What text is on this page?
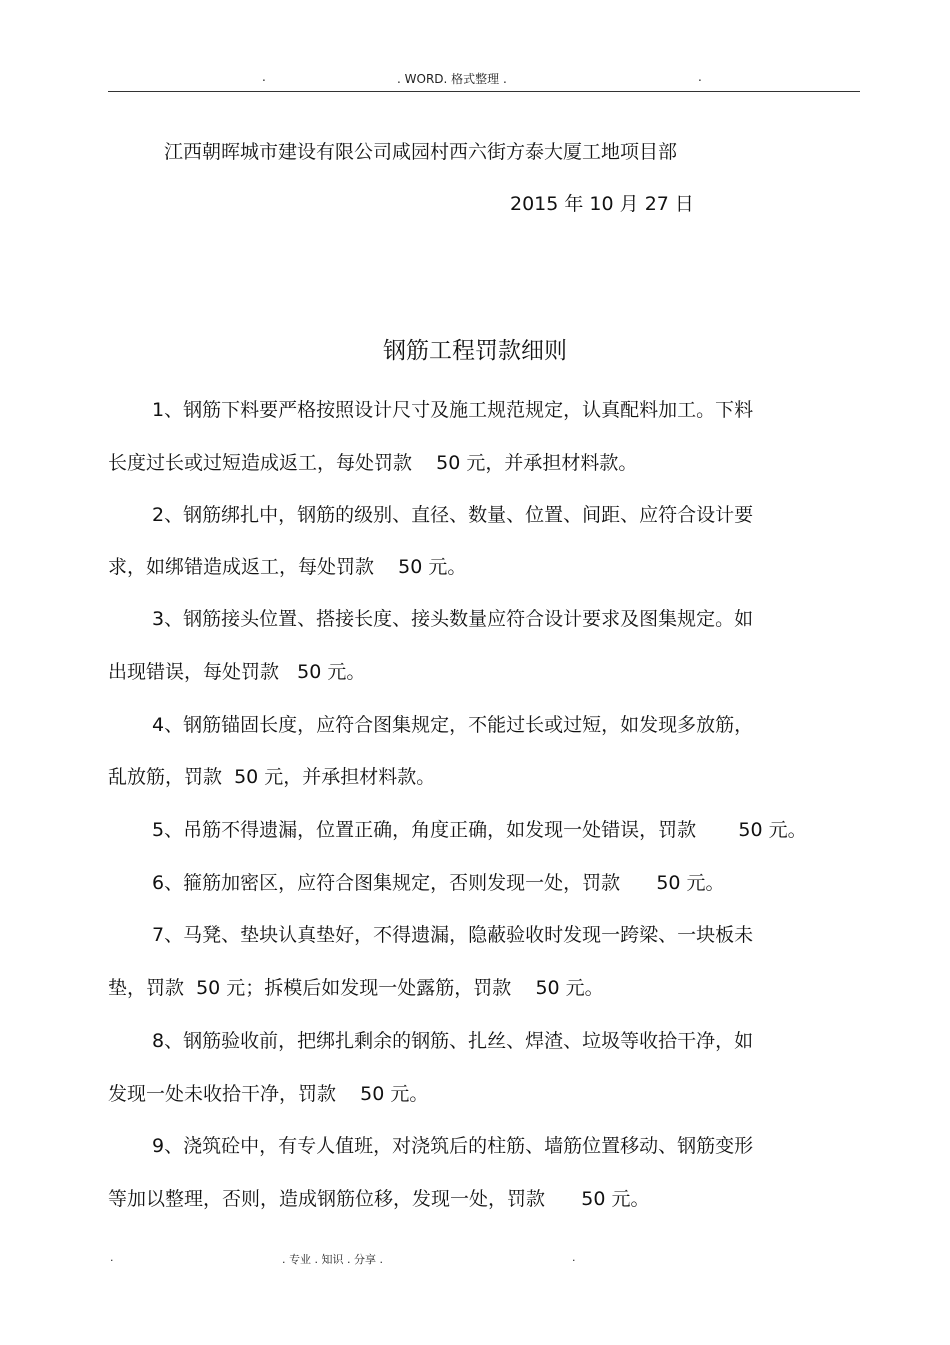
.	. WORD. 格式整理 .	.
江西朝晖城市建设有限公司咸园村西六街方泰大厦工地项目部
2015 年 10 月 27 日
钢筋工程罚款细则
1、钢筋下料要严格按照设计尺寸及施工规范规定，认真配料加工。下料
长度过长或过短造成返工，每处罚款    50 元，并承担材料款。
2、钢筋绑扎中，钢筋的级别、直径、数量、位置、间距、应符合设计要
求，如绑错造成返工，每处罚款    50 元。
3、钢筋接头位置、搭接长度、接头数量应符合设计要求及图集规定。如
出现错误，每处罚款   50 元。
4、钢筋锚固长度，应符合图集规定，不能过长或过短，如发现多放筋，
乱放筋，罚款  50 元，并承担材料款。
5、吊筋不得遗漏，位置正确，角度正确，如发现一处错误，罚款       50 元。
6、箍筋加密区，应符合图集规定，否则发现一处，罚款      50 元。
7、马凳、垫块认真垫好，不得遗漏，隐蔽验收时发现一跨梁、一块板未
垫，罚款  50 元；拆模后如发现一处露筋，罚款    50 元。
8、钢筋验收前，把绑扎剩余的钢筋、扎丝、焊渣、垃圾等收拾干净，如
发现一处未收拾干净，罚款    50 元。
9、浇筑砼中，有专人值班，对浇筑后的柱筋、墙筋位置移动、钢筋变形
等加以整理，否则，造成钢筋位移，发现一处，罚款      50 元。
.	. 专业 . 知识 . 分享 .	.
